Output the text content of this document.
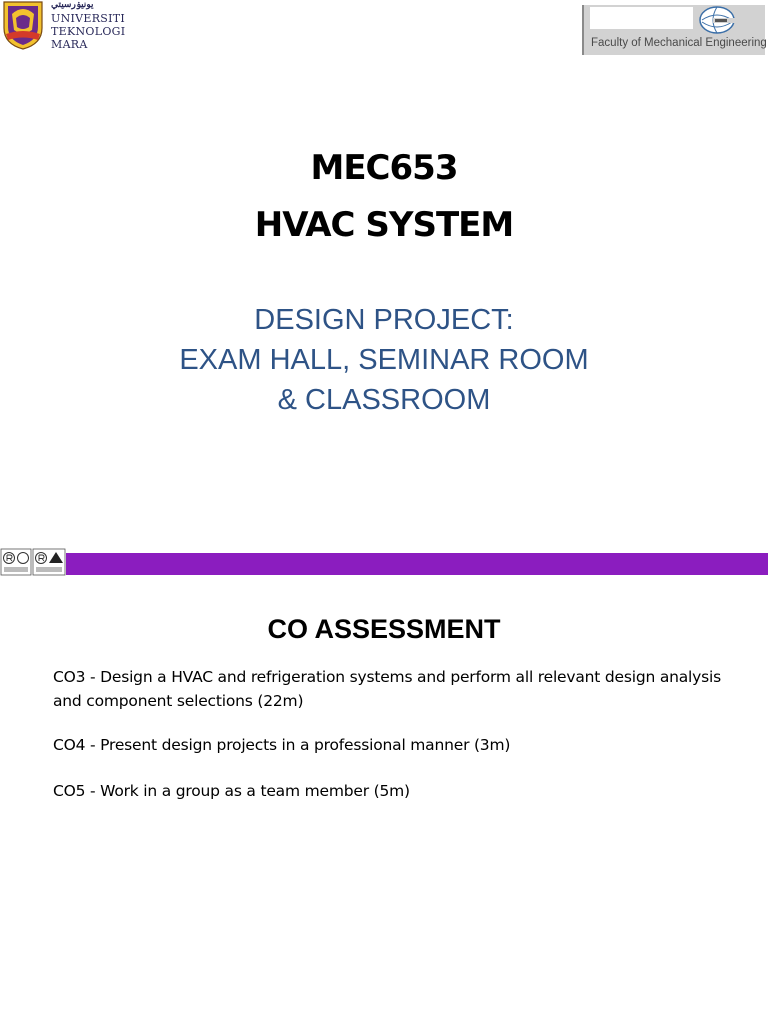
يونيۏرسيتي
UNIVERSITI
TEKNOLOGI
MARA	Faculty of Mechanical Engineering
MEC653
HVAC SYSTEM
DESIGN PROJECT:
EXAM HALL, SEMINAR ROOM
& CLASSROOM
CO ASSESSMENT
CO3 - Design a HVAC and refrigeration systems and perform all relevant design analysis and component selections (22m)
CO4 - Present design projects in a professional manner (3m)
CO5 - Work in a group as a team member (5m)
